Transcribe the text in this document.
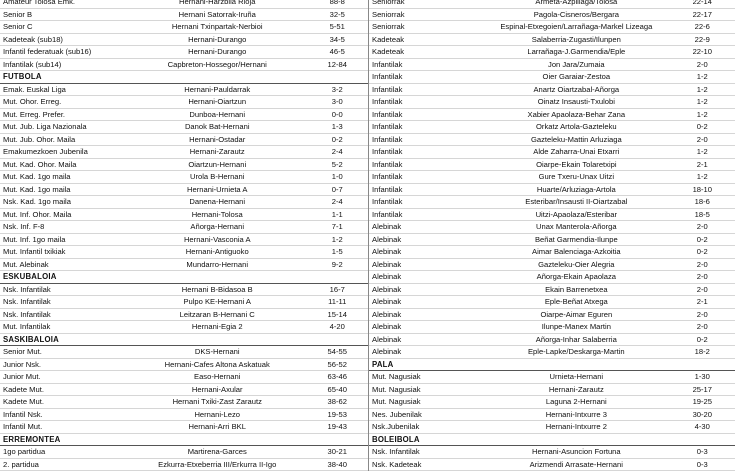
Amateur Tolosa Emk.	Hernani-Harzbila Rioja	88-8
Senior B	Hernani Satorrak-Iruña	32-5
Senior C	Hernani Txinpartak-Nerbioi	5-51
Kadeteak (sub18)	Hernani-Durango	34-5
Infantil federatuak (sub16)	Hernani-Durango	46-5
Infantilak (sub14)	Capbreton-Hossegor/Hernani	12-84
FUTBOLA
Emak. Euskal Liga	Hernani-Pauldarrak	3-2
Mut. Ohor. Erreg.	Hernani-Oiartzun	3-0
Mut. Erreg. Prefer.	Dunboa-Hernani	0-0
Mut. Jub. Liga Nazionala	Danok Bat-Hernani	1-3
Mut. Jub. Ohor. Maila	Hernani-Ostadar	0-2
Emakumezkoen Jubenila	Hernani-Zarautz	2-4
Mut. Kad. Ohor. Maila	Oiartzun-Hernani	5-2
Mut. Kad. 1go maila	Urola B-Hernani	1-0
Mut. Kad. 1go maila	Hernani-Urnieta A	0-7
Nsk. Kad. 1go maila	Danena-Hernani	2-4
Mut. Inf. Ohor. Maila	Hernani-Tolosa	1-1
Nsk. Inf. F-8	Añorga-Hernani	7-1
Mut. Inf. 1go maila	Hernani-Vasconia A	1-2
Mut. Infantil txikiak	Hernani-Antiguoko	1-5
Mut. Alebinak	Mundarro-Hernani	9-2
ESKUBALOIA
Nsk. Infantilak	Hernani B-Bidasoa B	16-7
Nsk. Infantilak	Pulpo KE-Hernani A	11-11
Nsk. Infantilak	Leitzaran B-Hernani C	15-14
Mut. Infantilak	Hernani-Egia 2	4-20
SASKIBALOIA
Senior Mut.	DKS-Hernani	54-55
Junior Nsk.	Hernani-Cafes Altona Askatuak	56-52
Junior Mut.	Easo-Hernani	63-46
Kadete Mut.	Hernani-Axular	65-40
Kadete Mut.	Hernani Txiki-Zast Zarautz	38-62
Infantil Nsk.	Hernani-Lezo	19-53
Infantil Mut.	Hernani-Arri BKL	19-43
ERREMONTEA
1go partidua	Martirena-Garces	30-21
2. partidua	Ezkurra-Etxeberria III/Erkurra II-Igo	38-40
Seniorrak	Armeta-Azpillaga/Tolosa	22-14
Seniorrak	Pagola-Cisneros/Bergara	22-17
Seniorrak	Espinal-Etxegoien/Larrañaga-Markel Lizeaga	22-6
Kadeteak	Salaberria-Zugasti/Ilunpen	22-9
Kadeteak	Larrañaga-J.Garmendia/Eple	22-10
Infantilak	Jon Jara/Zumaia	2-0
Infantilak	Oier Garaiar-Zestoa	1-2
Infantilak	Anartz Oiartzabal-Añorga	1-2
Infantilak	Oinatz Insausti-Txulobi	1-2
Infantilak	Xabier Apaolaza-Behar Zana	1-2
Infantilak	Orkatz Artola-Gazteleku	0-2
Infantilak	Gazteleku-Mattin Arluziaga	2-0
Infantilak	Alde Zaharra-Unai Etxarri	1-2
Infantilak	Oiarpe-Ekain Tolaretxipi	2-1
Infantilak	Gure Txeru-Unax Uitzi	1-2
Infantilak	Huarte/Arluziaga-Artola	18-10
Infantilak	Esteribar/Insausti II-Oiartzabal	18-6
Infantilak	Uitzi-Apaolaza/Esteribar	18-5
Alebinak	Unax Manterola-Añorga	2-0
Alebinak	Beñat Garmendia-Ilunpe	0-2
Alebinak	Aimar Balenciaga-Azkoitia	0-2
Alebinak	Gazteleku-Oier Alegria	2-0
Alebinak	Añorga-Ekain Apaolaza	2-0
Alebinak	Ekain Barrenetxea	2-0
Alebinak	Eple-Beñat Atxega	2-1
Alebinak	Oiarpe-Aimar Eguren	2-0
Alebinak	Ilunpe-Manex Martin	2-0
Alebinak	Añorga-Inhar Salaberria	0-2
Alebinak	Eple-Lapke/Deskarga-Martin	18-2
PALA
Mut. Nagusiak	Urnieta-Hernani	1-30
Mut. Nagusiak	Hernani-Zarautz	25-17
Mut. Nagusiak	Laguna 2-Hernani	19-25
Nes. Jubenilak	Hernani-Intxurre 3	30-20
Nsk.Jubenilak	Hernani-Intxurre 2	4-30
BOLEIBOLA
Nsk. Infantilak	Hernani-Asuncion Fortuna	0-3
Nsk. Kadeteak	Arizmendi Arrasate-Hernani	0-3
